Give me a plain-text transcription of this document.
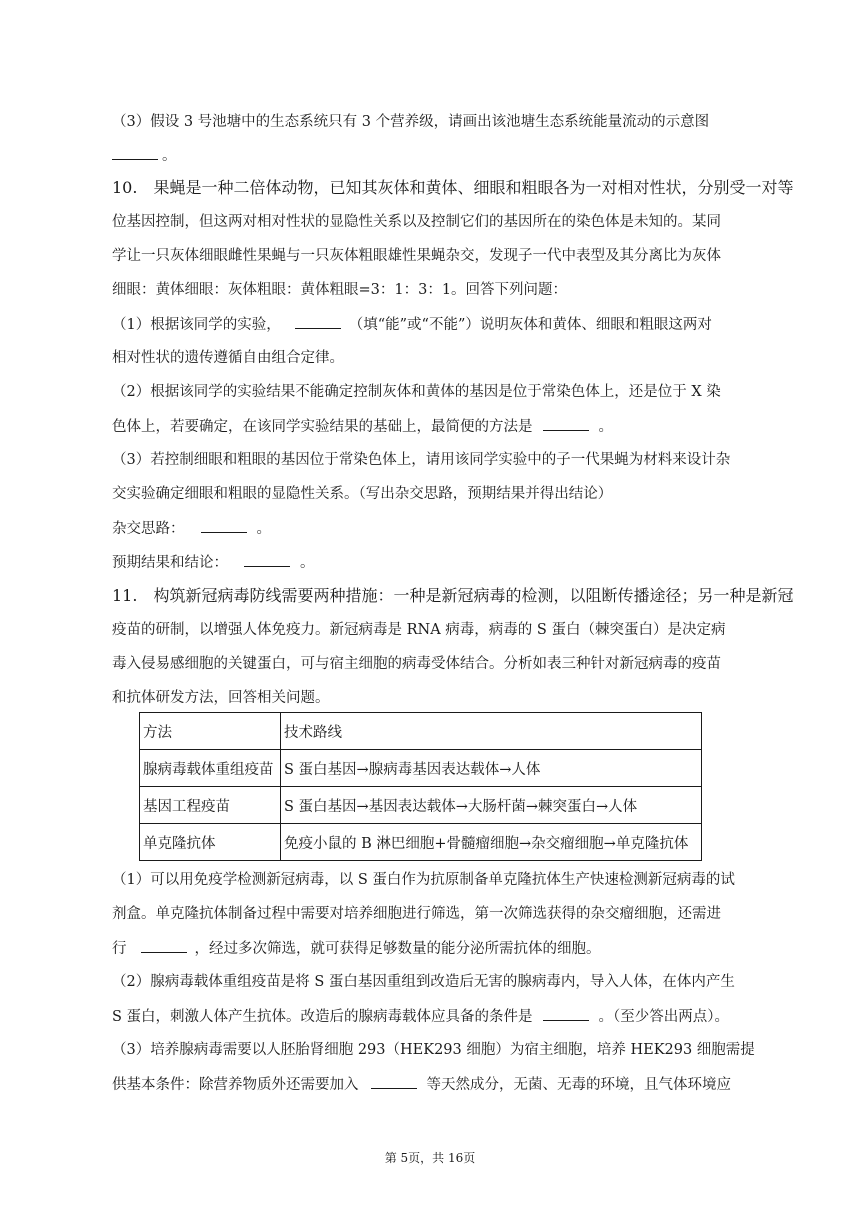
（3）假设 3 号池塘中的生态系统只有 3 个营养级，请画出该池塘生态系统能量流动的示意图
。
10.　果蝇是一种二倍体动物，已知其灰体和黄体、细眼和粗眼各为一对相对性状，分别受一对等
位基因控制，但这两对相对性状的显隐性关系以及控制它们的基因所在的染色体是未知的。某同
学让一只灰体细眼雌性果蝇与一只灰体粗眼雄性果蝇杂交，发现子一代中表型及其分离比为灰体
细眼：黄体细眼：灰体粗眼：黄体粗眼=3：1：3：1。回答下列问题：
（1）根据该同学的实验，	（填“能”或“不能”）说明灰体和黄体、细眼和粗眼这两对
相对性状的遗传遵循自由组合定律。
（2）根据该同学的实验结果不能确定控制灰体和黄体的基因是位于常染色体上，还是位于 X 染
色体上，若要确定，在该同学实验结果的基础上，最简便的方法是	。
（3）若控制细眼和粗眼的基因位于常染色体上，请用该同学实验中的子一代果蝇为材料来设计杂
交实验确定细眼和粗眼的显隐性关系。（写出杂交思路，预期结果并得出结论）
杂交思路：	。
预期结果和结论：	。
11.　构筑新冠病毒防线需要两种措施：一种是新冠病毒的检测，以阻断传播途径；另一种是新冠
疫苗的研制，以增强人体免疫力。新冠病毒是 RNA 病毒，病毒的 S 蛋白（棘突蛋白）是决定病
毒入侵易感细胞的关键蛋白，可与宿主细胞的病毒受体结合。分析如表三种针对新冠病毒的疫苗
和抗体研发方法，回答相关问题。
方法	技术路线
腺病毒载体重组疫苗	S 蛋白基因→腺病毒基因表达载体→人体
基因工程疫苗	S 蛋白基因→基因表达载体→大肠杆菌→棘突蛋白→人体
单克隆抗体	免疫小鼠的 B 淋巴细胞+骨髓瘤细胞→杂交瘤细胞→单克隆抗体
（1）可以用免疫学检测新冠病毒，以 S 蛋白作为抗原制备单克隆抗体生产快速检测新冠病毒的试
剂盒。单克隆抗体制备过程中需要对培养细胞进行筛选，第一次筛选获得的杂交瘤细胞，还需进
行	，经过多次筛选，就可获得足够数量的能分泌所需抗体的细胞。
（2）腺病毒载体重组疫苗是将 S 蛋白基因重组到改造后无害的腺病毒内，导入人体，在体内产生
S 蛋白，刺激人体产生抗体。改造后的腺病毒载体应具备的条件是	。（至少答出两点）。
（3）培养腺病毒需要以人胚胎肾细胞 293（HEK293 细胞）为宿主细胞，培养 HEK293 细胞需提
供基本条件：除营养物质外还需要加入	等天然成分，无菌、无毒的环境，且气体环境应
第 5页，共 16页
